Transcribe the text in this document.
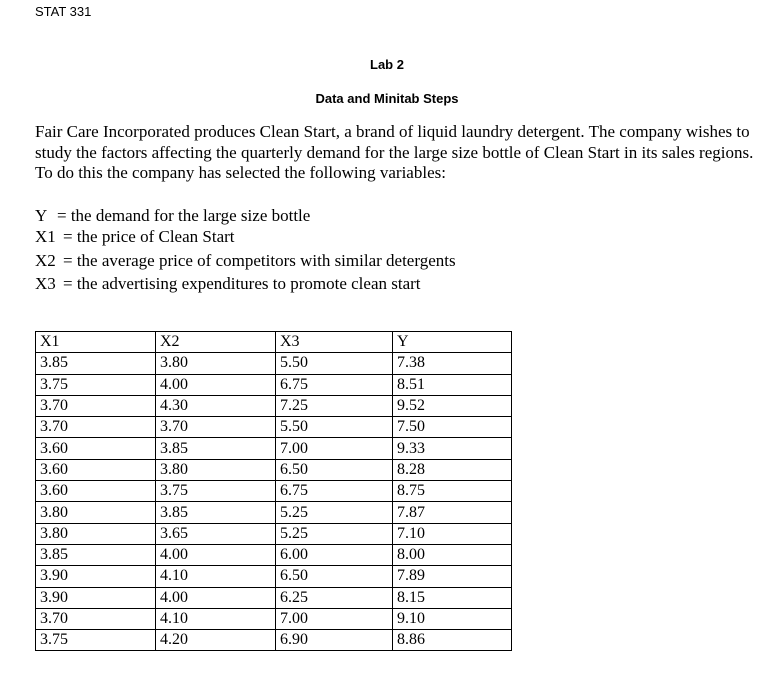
STAT 331
Lab 2
Data and Minitab Steps

Fair Care Incorporated produces Clean Start, a brand of liquid laundry detergent. The company wishes to study the factors affecting the quarterly demand for the large size bottle of Clean Start in its sales regions. To do this the company has selected the following variables:

Y = the demand for the large size bottle
X1 = the price of Clean Start
X2 = the average price of competitors with similar detergents
X3 = the advertising expenditures to promote clean start
X1	X2	X3	Y
3.85	3.80	5.50	7.38
3.75	4.00	6.75	8.51
3.70	4.30	7.25	9.52
3.70	3.70	5.50	7.50
3.60	3.85	7.00	9.33
3.60	3.80	6.50	8.28
3.60	3.75	6.75	8.75
3.80	3.85	5.25	7.87
3.80	3.65	5.25	7.10
3.85	4.00	6.00	8.00
3.90	4.10	6.50	7.89
3.90	4.00	6.25	8.15
3.70	4.10	7.00	9.10
3.75	4.20	6.90	8.86
